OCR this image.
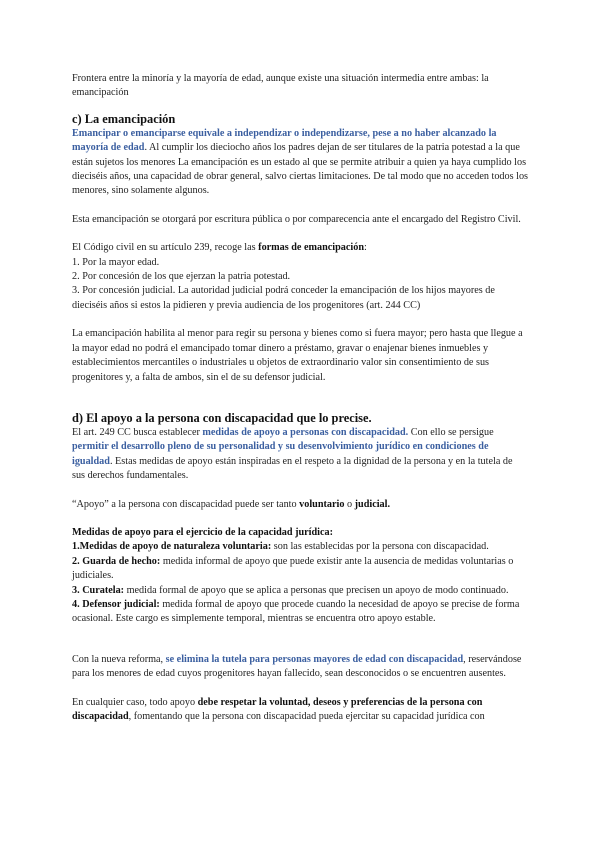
Frontera entre la minoría y la mayoría de edad, aunque existe una situación intermedia entre ambas: la emancipación

c) La emancipación

Emancipar o emanciparse equivale a independizar o independizarse, pese a no haber alcanzado la mayoría de edad. Al cumplir los dieciocho años los padres dejan de ser titulares de la patria potestad a la que están sujetos los menores La emancipación es un estado al que se permite atribuir a quien ya haya cumplido los dieciséis años, una capacidad de obrar general, salvo ciertas limitaciones. De tal modo que no acceden todos los menores, sino solamente algunos.

Esta emancipación se otorgará por escritura pública o por comparecencia ante el encargado del Registro Civil.

El Código civil en su artículo 239, recoge las formas de emancipación:

1. Por la mayor edad.
2. Por concesión de los que ejerzan la patria potestad.
3. Por concesión judicial. La autoridad judicial podrá conceder la emancipación de los hijos mayores de dieciséis años si estos la pidieren y previa audiencia de los progenitores (art. 244 CC)

La emancipación habilita al menor para regir su persona y bienes como si fuera mayor; pero hasta que llegue a la mayor edad no podrá el emancipado tomar dinero a préstamo, gravar o enajenar bienes inmuebles y establecimientos mercantiles o industriales u objetos de extraordinario valor sin consentimiento de sus progenitores y, a falta de ambos, sin el de su defensor judicial.

d) El apoyo a la persona con discapacidad que lo precise.

El art. 249 CC busca establecer medidas de apoyo a personas con discapacidad. Con ello se persigue permitir el desarrollo pleno de su personalidad y su desenvolvimiento jurídico en condiciones de igualdad. Estas medidas de apoyo están inspiradas en el respeto a la dignidad de la persona y en la tutela de sus derechos fundamentales.

“Apoyo” a la persona con discapacidad puede ser tanto voluntario o judicial.

Medidas de apoyo para el ejercicio de la capacidad jurídica:

1.Medidas de apoyo de naturaleza voluntaria: son las establecidas por la persona con discapacidad.
2. Guarda de hecho: medida informal de apoyo que puede existir ante la ausencia de medidas voluntarias o judiciales.
3. Curatela: medida formal de apoyo que se aplica a personas que precisen un apoyo de modo continuado.
4. Defensor judicial: medida formal de apoyo que procede cuando la necesidad de apoyo se precise de forma ocasional. Este cargo es simplemente temporal, mientras se encuentra otro apoyo estable.

Con la nueva reforma, se elimina la tutela para personas mayores de edad con discapacidad, reservándose para los menores de edad cuyos progenitores hayan fallecido, sean desconocidos o se encuentren ausentes.

En cualquier caso, todo apoyo debe respetar la voluntad, deseos y preferencias de la persona con discapacidad, fomentando que la persona con discapacidad pueda ejercitar su capacidad jurídica con
